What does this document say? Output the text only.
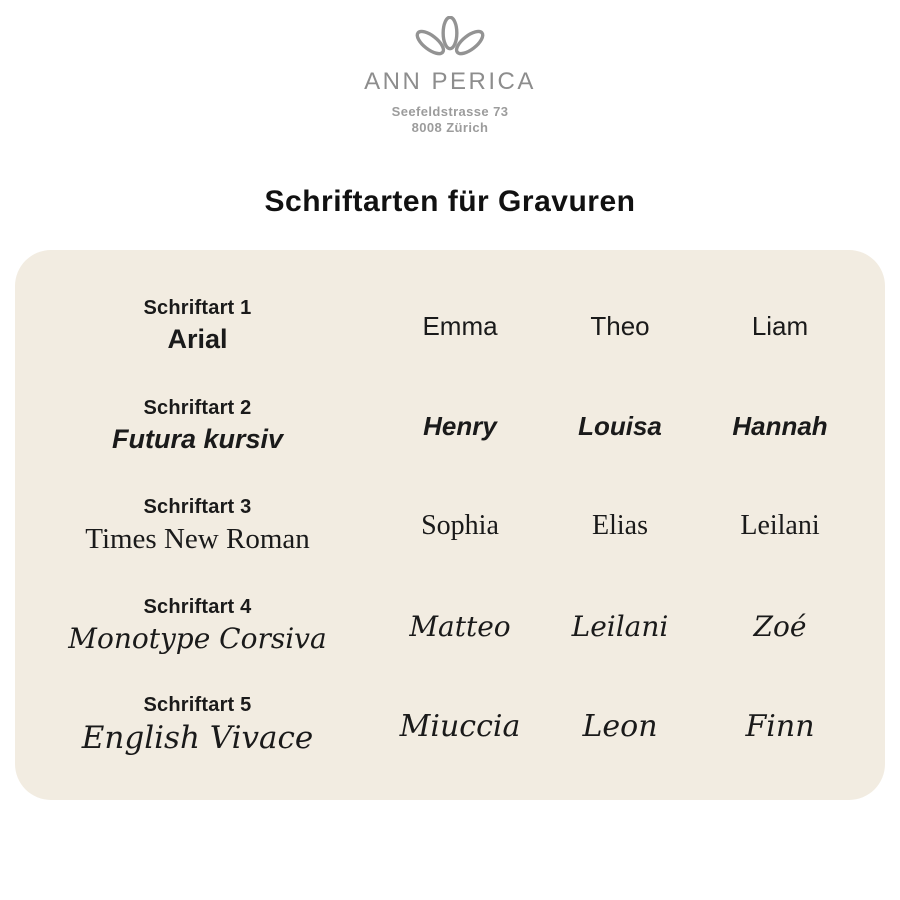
ANN PERICA
Seefeldstrasse 73
8008 Zürich
Schriftarten für Gravuren
Schriftart 1
Arial	Emma	Theo	Liam
Schriftart 2
Futura kursiv	Henry	Louisa	Hannah
Schriftart 3
Times New Roman	Sophia	Elias	Leilani
Schriftart 4
Monotype Corsiva	Matteo	Leilani	Zoé
Schriftart 5
English Vivace	Miuccia	Leon	Finn
